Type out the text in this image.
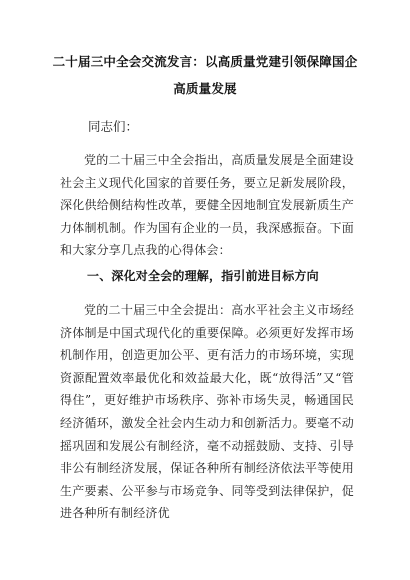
二十届三中全会交流发言：以高质量党建引领保障国企高质量发展
同志们：
党的二十届三中全会指出，高质量发展是全面建设社会主义现代化国家的首要任务，要立足新发展阶段，深化供给侧结构性改革，要健全因地制宜发展新质生产力体制机制。作为国有企业的一员，我深感振奋。下面和大家分享几点我的心得体会：
一、深化对全会的理解，指引前进目标方向
党的二十届三中全会提出：高水平社会主义市场经济体制是中国式现代化的重要保障。必须更好发挥市场机制作用，创造更加公平、更有活力的市场环境，实现资源配置效率最优化和效益最大化，既“放得活”又“管得住”，更好维护市场秩序、弥补市场失灵，畅通国民经济循环，激发全社会内生动力和创新活力。要毫不动摇巩固和发展公有制经济，毫不动摇鼓励、支持、引导非公有制经济发展，保证各种所有制经济依法平等使用生产要素、公平参与市场竞争、同等受到法律保护，促进各种所有制经济优
